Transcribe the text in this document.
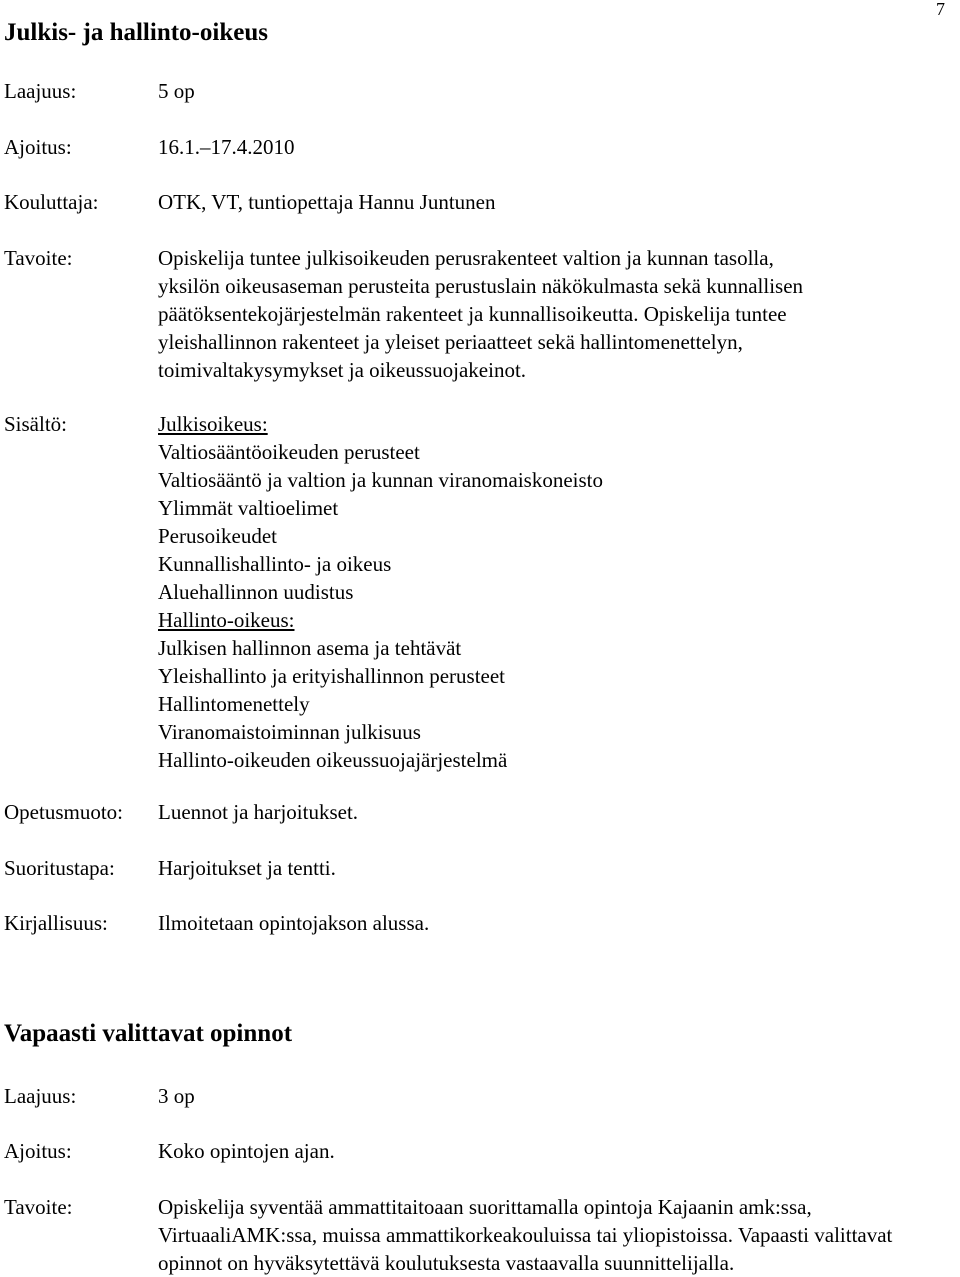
7
Julkis- ja hallinto-oikeus
Laajuus:	5 op
Ajoitus:	16.1.–17.4.2010
Kouluttaja:	OTK, VT, tuntiopettaja Hannu Juntunen
Tavoite:	Opiskelija tuntee julkisoikeuden perusrakenteet valtion ja kunnan tasolla,
yksilön oikeusaseman perusteita perustuslain näkökulmasta sekä kunnallisen
päätöksentekojärjestelmän rakenteet ja kunnallisoikeutta. Opiskelija tuntee
yleishallinnon rakenteet ja yleiset periaatteet sekä hallintomenettelyn,
toimivaltakysymykset ja oikeussuojakeinot.
Sisältö:	Julkisoikeus:
Valtiosääntöoikeuden perusteet
Valtiosääntö ja valtion ja kunnan viranomaiskoneisto
Ylimmät valtioelimet
Perusoikeudet
Kunnallishallinto- ja oikeus
Aluehallinnon uudistus
Hallinto-oikeus:
Julkisen hallinnon asema ja tehtävät
Yleishallinto ja erityishallinnon perusteet
Hallintomenettely
Viranomaistoiminnan julkisuus
Hallinto-oikeuden oikeussuojajärjestelmä
Opetusmuoto: Luennot ja harjoitukset.
Suoritustapa: Harjoitukset ja tentti.
Kirjallisuus: Ilmoitetaan opintojakson alussa.
Vapaasti valittavat opinnot
Laajuus:	3 op
Ajoitus:	Koko opintojen ajan.
Tavoite:	Opiskelija syventää ammattitaitoaan suorittamalla opintoja Kajaanin amk:ssa,
VirtuaaliAMK:ssa, muissa ammattikorkeakouluissa tai yliopistoissa. Vapaasti valittavat
opinnot on hyväksytettävä koulutuksesta vastaavalla suunnittelijalla.
